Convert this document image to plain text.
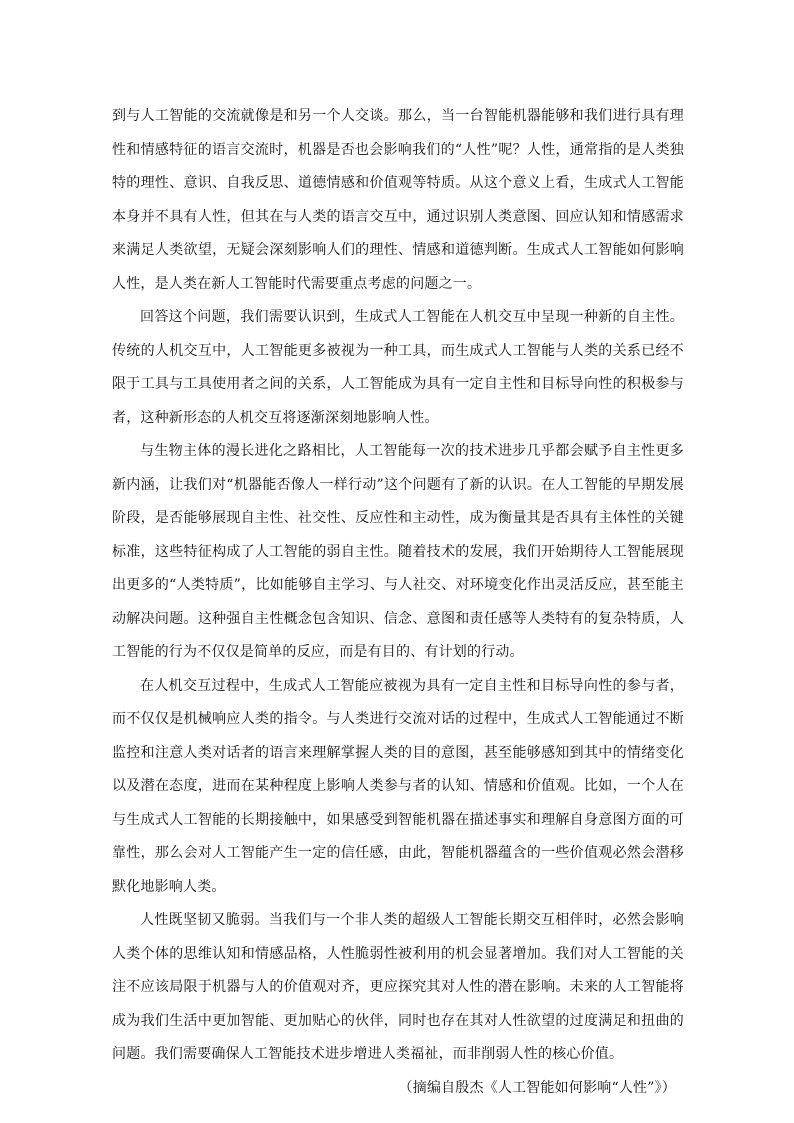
到与人工智能的交流就像是和另一个人交谈。那么，当一台智能机器能够和我们进行具有理性和情感特征的语言交流时，机器是否也会影响我们的“人性”呢？人性，通常指的是人类独特的理性、意识、自我反思、道德情感和价值观等特质。从这个意义上看，生成式人工智能本身并不具有人性，但其在与人类的语言交互中，通过识别人类意图、回应认知和情感需求来满足人类欲望，无疑会深刻影响人们的理性、情感和道德判断。生成式人工智能如何影响人性，是人类在新人工智能时代需要重点考虑的问题之一。

回答这个问题，我们需要认识到，生成式人工智能在人机交互中呈现一种新的自主性。传统的人机交互中，人工智能更多被视为一种工具，而生成式人工智能与人类的关系已经不限于工具与工具使用者之间的关系，人工智能成为具有一定自主性和目标导向性的积极参与者，这种新形态的人机交互将逐渐深刻地影响人性。

与生物主体的漫长进化之路相比，人工智能每一次的技术进步几乎都会赋予自主性更多新内涵，让我们对“机器能否像人一样行动”这个问题有了新的认识。在人工智能的早期发展阶段，是否能够展现自主性、社交性、反应性和主动性，成为衡量其是否具有主体性的关键标准，这些特征构成了人工智能的弱自主性。随着技术的发展，我们开始期待人工智能展现出更多的“人类特质”，比如能够自主学习、与人社交、对环境变化作出灵活反应，甚至能主动解决问题。这种强自主性概念包含知识、信念、意图和责任感等人类特有的复杂特质，人工智能的行为不仅仅是简单的反应，而是有目的、有计划的行动。

在人机交互过程中，生成式人工智能应被视为具有一定自主性和目标导向性的参与者，而不仅仅是机械响应人类的指令。与人类进行交流对话的过程中，生成式人工智能通过不断监控和注意人类对话者的语言来理解掌握人类的目的意图，甚至能够感知到其中的情绪变化以及潜在态度，进而在某种程度上影响人类参与者的认知、情感和价值观。比如，一个人在与生成式人工智能的长期接触中，如果感受到智能机器在描述事实和理解自身意图方面的可靠性，那么会对人工智能产生一定的信任感，由此，智能机器蕴含的一些价值观必然会潜移默化地影响人类。

人性既坚韧又脆弱。当我们与一个非人类的超级人工智能长期交互相伴时，必然会影响人类个体的思维认知和情感品格，人性脆弱性被利用的机会显著增加。我们对人工智能的关注不应该局限于机器与人的价值观对齐，更应探究其对人性的潜在影响。未来的人工智能将成为我们生活中更加智能、更加贴心的伙伴，同时也存在其对人性欲望的过度满足和扭曲的问题。我们需要确保人工智能技术进步增进人类福祉，而非削弱人性的核心价值。

（摘编自殷杰《人工智能如何影响“人性”》）
